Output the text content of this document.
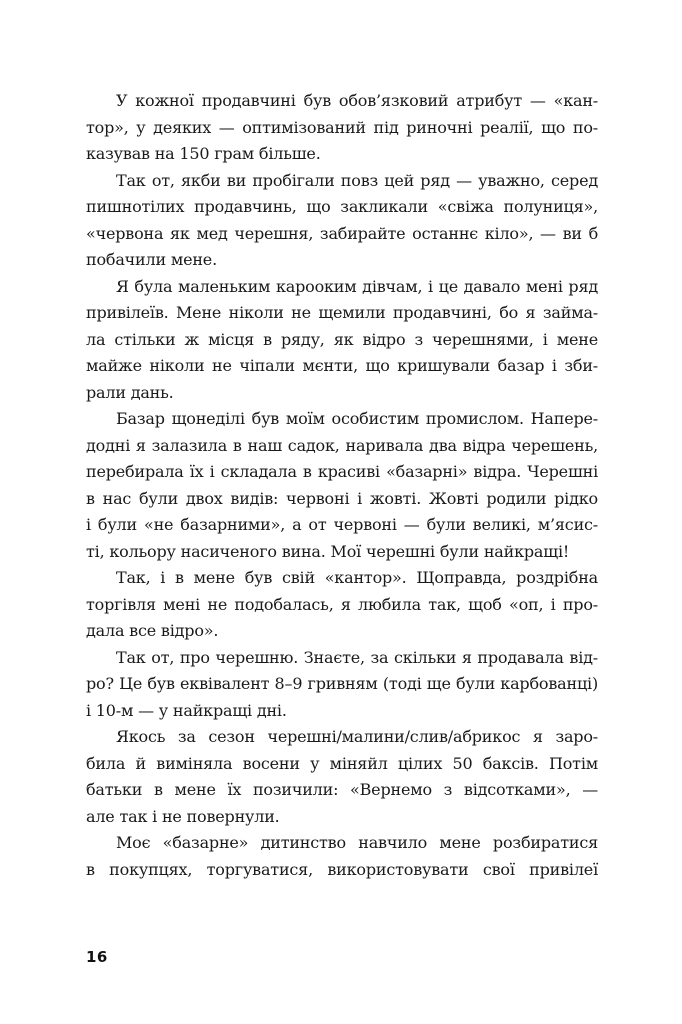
У кожної продавчині був обов’язковий атрибут — «кан-
тор», у деяких — оптимізований під риночні реалії, що по-
казував на 150 грам більше.

Так от, якби ви пробігали повз цей ряд — уважно, серед
пишнотілих продавчинь, що закликали «свіжа полуниця»,
«червона як мед черешня, забирайте останнє кіло», — ви б
побачили мене.

Я була маленьким карооким дівчам, і це давало мені ряд
привілеїв. Мене ніколи не щемили продавчині, бо я займа-
ла стільки ж місця в ряду, як відро з черешнями, і мене
майже ніколи не чіпали мєнти, що кришували базар і зби-
рали дань.

Базар щонеділі був моїм особистим промислом. Напере-
додні я залазила в наш садок, наривала два відра черешень,
перебирала їх і складала в красиві «базарні» відра. Черешні
в нас були двох видів: червоні і жовті. Жовті родили рідко
і були «не базарними», а от червоні — були великі, м’ясис-
ті, кольору насиченого вина. Мої черешні були найкращі!

Так, і в мене був свій «кантор». Щоправда, роздрібна
торгівля мені не подобалась, я любила так, щоб «оп, і про-
дала все відро».

Так от, про черешню. Знаєте, за скільки я продавала від-
ро? Це був еквівалент 8–9 гривням (тоді ще були карбованці)
і 10-м — у найкращі дні.

Якось за сезон черешні/малини/слив/абрикос я заро-
била й виміняла восени у міняйл цілих 50 баксів. Потім
батьки в мене їх позичили: «Вернемо з відсотками», —
але так і не повернули.

Моє «базарне» дитинство навчило мене розбиратися
в покупцях, торгуватися, використовувати свої привілеї

16
